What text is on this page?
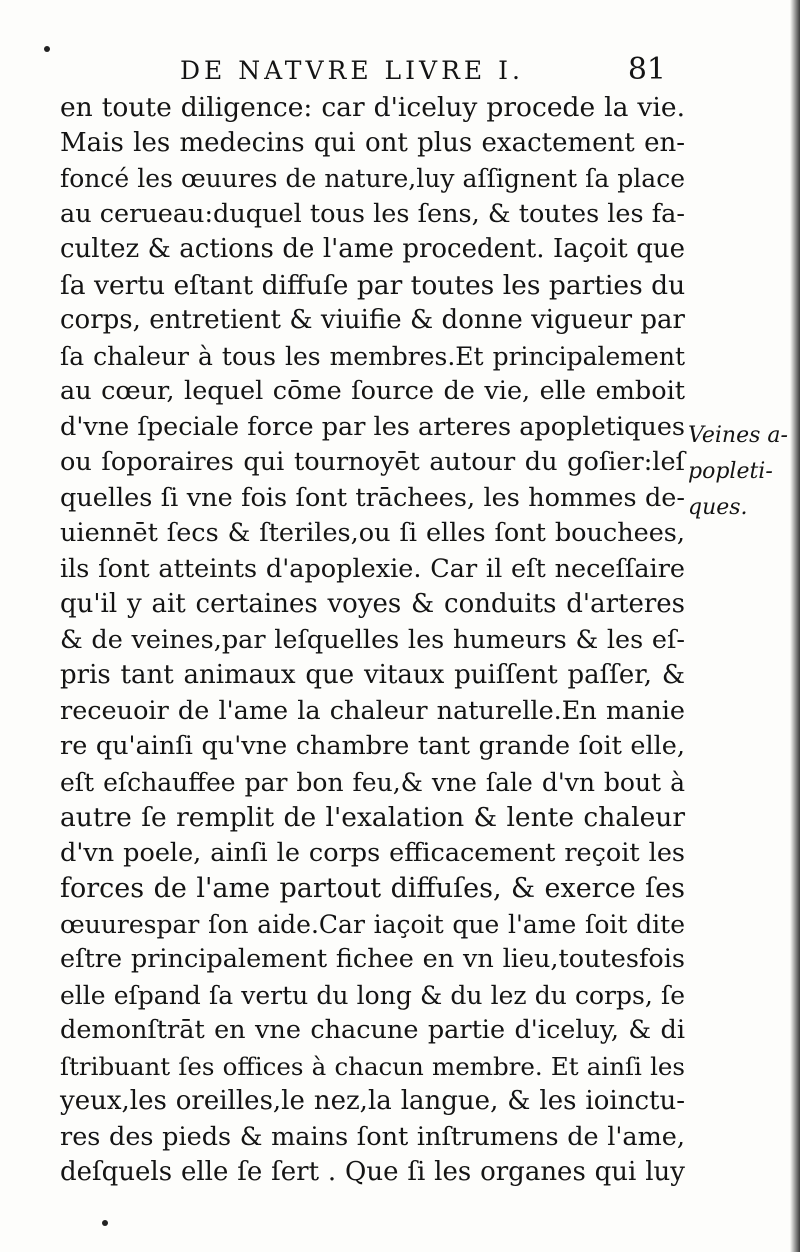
DE NATVRE LIVRE I.	81
en toute diligence: car d'iceluy procede la vie.
Mais les medecins qui ont plus exactement en-
foncé les œuures de nature,luy aſſignent ſa place
au cerueau:duquel tous les ſens, & toutes les fa-
cultez & actions de l'ame procedent. Iaçoit que
ſa vertu eſtant diffuſe par toutes les parties du
corps, entretient & viuifie & donne vigueur par
ſa chaleur à tous les membres.Et principalement
au cœur, lequel cōme ſource de vie, elle emboit
d'vne ſpeciale force par les arteres apopletiques
ou ſoporaires qui tournoyēt autour du goſier:leſ
quelles ſi vne fois ſont trāchees, les hommes de-
uiennēt ſecs & ſteriles,ou ſi elles ſont bouchees,
ils ſont atteints d'apoplexie. Car il eſt neceſſaire
qu'il y ait certaines voyes & conduits d'arteres
& de veines,par leſquelles les humeurs & les eſ-
pris tant animaux que vitaux puiſſent paſſer, &
receuoir de l'ame la chaleur naturelle.En manie
re qu'ainſi qu'vne chambre tant grande ſoit elle,
eſt eſchauffee par bon feu,& vne ſale d'vn bout à
autre ſe remplit de l'exalation & lente chaleur
d'vn poele, ainſi le corps efficacement reçoit les
forces de l'ame partout diffuſes, & exerce ſes
œuurespar ſon aide.Car iaçoit que l'ame ſoit dite
eſtre principalement fichee en vn lieu,toutesfois
elle eſpand ſa vertu du long & du lez du corps, ſe
demonſtrāt en vne chacune partie d'iceluy, & di
ſtribuant ſes offices à chacun membre. Et ainſi les
yeux,les oreilles,le nez,la langue, & les ioinctu-
res des pieds & mains ſont inſtrumens de l'ame,
deſquels elle ſe ſert . Que ſi les organes qui luy
Veines a-
popleti-
ques.
